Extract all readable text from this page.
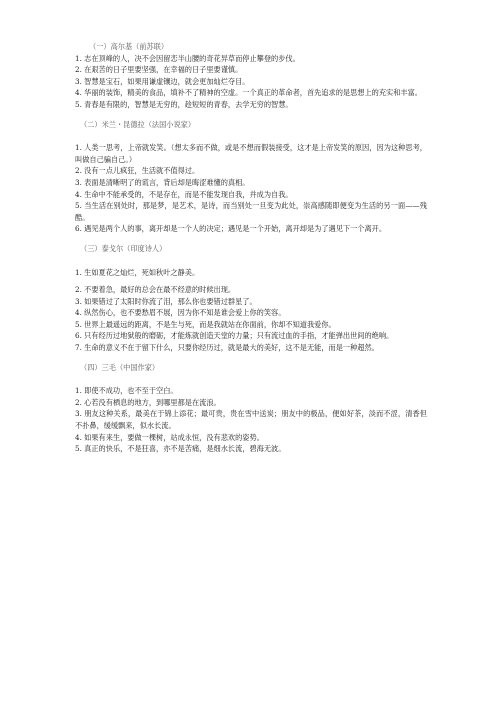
（一）高尔基（前苏联）

1. 志在顶峰的人，决不会因留恋半山腰的奇花异草而停止攀登的步伐。

2. 在艰苦的日子里要坚强，在幸福的日子里要谨慎。

3. 智慧是宝石，如果用谦虚镶边，就会更加灿烂夺目。

4. 华丽的装饰，精美的食品，填补不了精神的空虚。一个真正的革命者，首先追求的是思想上的充实和丰富。

5. 青春是有限的，智慧是无穷的，趁短短的青春，去学无穷的智慧。

（二）米兰・昆德拉（法国小说家）

1. 人类一思考，上帝就发笑。（想太多而不做，或是不想而假装接受，这才是上帝发笑的原因，因为这种思考，叫做自己骗自己。）

2. 没有一点儿疯狂，生活就不值得过。

3. 表面是清晰明了的谎言，背后却是晦涩难懂的真相。

4. 生命中不能承受的，不是存在，而是不能发现自我，并成为自我。

5. 当生活在别处时，那是梦，是艺术，是诗，而当别处一旦变为此处，崇高感随即便变为生活的另一面——残酷。

6. 遇见是两个人的事，离开却是一个人的决定；遇见是一个开始，离开却是为了遇见下一个离开。

（三）泰戈尔（印度诗人）

1. 生如夏花之灿烂，死如秋叶之静美。

2. 不要着急，最好的总会在最不经意的时候出现。

3. 如果错过了太阳时你流了泪，那么你也要错过群星了。

4. 纵然伤心，也不要愁眉不展，因为你不知是谁会爱上你的笑容。

5. 世界上最遥远的距离，不是生与死，而是我就站在你面前，你却不知道我爱你。

6. 只有经历过地狱般的磨砺，才能炼就创造天堂的力量；只有流过血的手指，才能弹出世间的绝响。

7. 生命的意义不在于留下什么，只要你经历过，就是最大的美好，这不是无能，而是一种超然。

（四）三毛（中国作家）

1. 即使不成功，也不至于空白。

2. 心若没有栖息的地方，到哪里都是在流浪。

3. 朋友这种关系，最美在于锦上添花；最可贵，贵在雪中送炭；朋友中的极品，便如好茶，淡而不涩，清香但不扑鼻，缓缓飘来，似水长流。

4. 如果有来生，要做一棵树，站成永恒，没有悲欢的姿势。

5. 真正的快乐，不是狂喜，亦不是苦痛，是细水长流，碧海无波。
